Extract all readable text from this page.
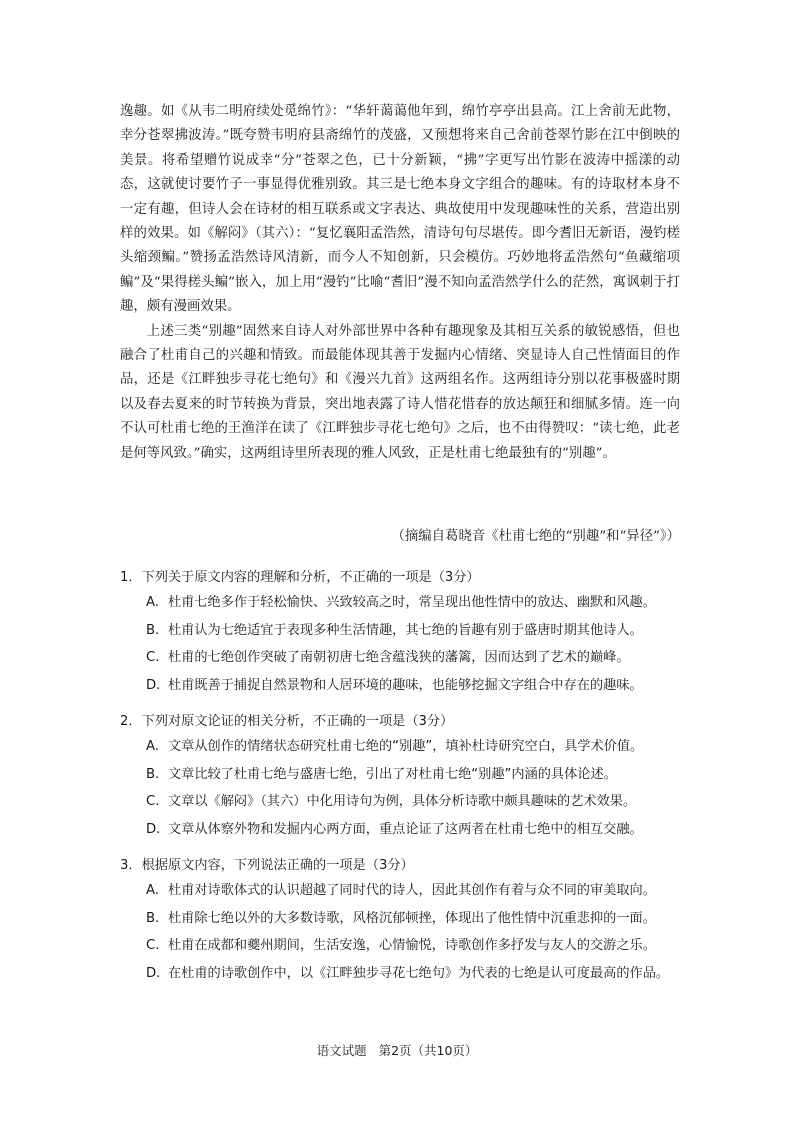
逸趣。如《从韦二明府续处觅绵竹》：“华轩蔼蔼他年到，绵竹亭亭出县高。江上舍前无此物，幸分苍翠拂波涛。”既夸赞韦明府县斋绵竹的茂盛，又预想将来自己舍前苍翠竹影在江中倒映的美景。将希望赠竹说成幸“分”苍翠之色，已十分新颖，“拂”字更写出竹影在波涛中摇漾的动态，这就使讨要竹子一事显得优雅别致。其三是七绝本身文字组合的趣味。有的诗取材本身不一定有趣，但诗人会在诗材的相互联系或文字表达、典故使用中发现趣味性的关系，营造出别样的效果。如《解闷》（其六）：“复忆襄阳孟浩然，清诗句句尽堪传。即今耆旧无新语，漫钓槎头缩颈鳊。”赞扬孟浩然诗风清新，而今人不知创新，只会模仿。巧妙地将孟浩然句“鱼藏缩项鳊”及“果得槎头鳊”嵌入，加上用“漫钓”比喻“耆旧”漫不知向孟浩然学什么的茫然，寓讽刺于打趣，颇有漫画效果。

上述三类“别趣”固然来自诗人对外部世界中各种有趣现象及其相互关系的敏锐感悟，但也融合了杜甫自己的兴趣和情致。而最能体现其善于发掘内心情绪、突显诗人自己性情面目的作品，还是《江畔独步寻花七绝句》和《漫兴九首》这两组名作。这两组诗分别以花事极盛时期以及春去夏来的时节转换为背景，突出地表露了诗人惜花惜春的放达颠狂和细腻多情。连一向不认可杜甫七绝的王渔洋在读了《江畔独步寻花七绝句》之后，也不由得赞叹：“读七绝，此老是何等风致。”确实，这两组诗里所表现的雅人风致，正是杜甫七绝最独有的“别趣”。

（摘编自葛晓音《杜甫七绝的“别趣”和“异径”》）
1．下列关于原文内容的理解和分析，不正确的一项是（3分）
A. 杜甫七绝多作于轻松愉快、兴致较高之时，常呈现出他性情中的放达、幽默和风趣。
B. 杜甫认为七绝适宜于表现多种生活情趣，其七绝的旨趣有别于盛唐时期其他诗人。
C. 杜甫的七绝创作突破了南朝初唐七绝含蕴浅狭的藩篱，因而达到了艺术的巅峰。
D. 杜甫既善于捕捉自然景物和人居环境的趣味，也能够挖掘文字组合中存在的趣味。
2．下列对原文论证的相关分析，不正确的一项是（3分）
A. 文章从创作的情绪状态研究杜甫七绝的“别趣”，填补杜诗研究空白，具学术价值。
B. 文章比较了杜甫七绝与盛唐七绝，引出了对杜甫七绝“别趣”内涵的具体论述。
C. 文章以《解闷》（其六）中化用诗句为例，具体分析诗歌中颇具趣味的艺术效果。
D. 文章从体察外物和发掘内心两方面，重点论证了这两者在杜甫七绝中的相互交融。
3．根据原文内容，下列说法正确的一项是（3分）
A. 杜甫对诗歌体式的认识超越了同时代的诗人，因此其创作有着与众不同的审美取向。
B. 杜甫除七绝以外的大多数诗歌，风格沉郁顿挫，体现出了他性情中沉重悲抑的一面。
C. 杜甫在成都和夔州期间，生活安逸，心情愉悦，诗歌创作多抒发与友人的交游之乐。
D. 在杜甫的诗歌创作中，以《江畔独步寻花七绝句》为代表的七绝是认可度最高的作品。
语文试题 第2页（共10页）
